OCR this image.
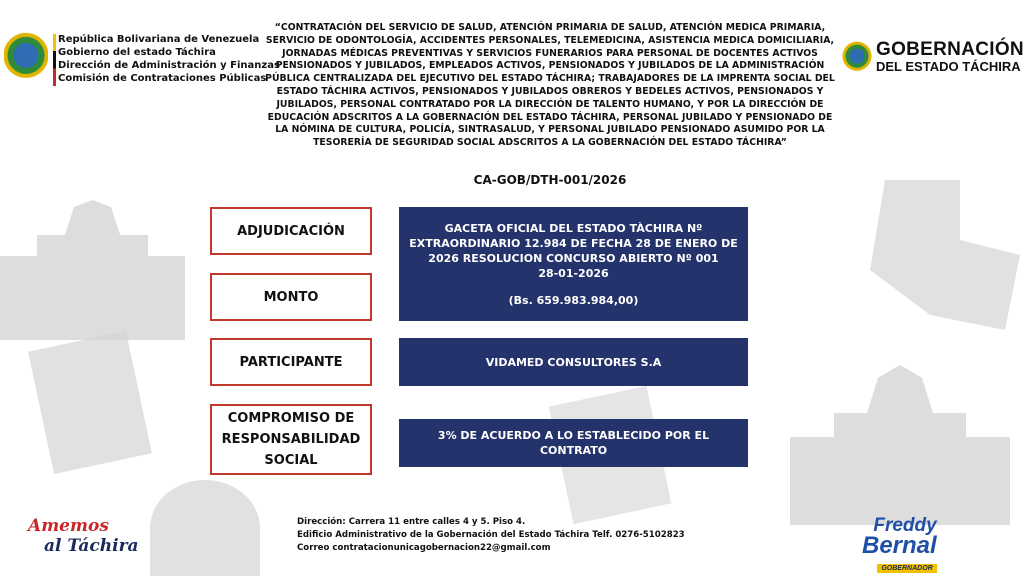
República Bolivariana de Venezuela
Gobierno del estado Táchira
Dirección de Administración y Finanzas
Comisión de Contrataciones Públicas
“CONTRATACIÓN DEL SERVICIO DE SALUD, ATENCIÓN PRIMARIA DE SALUD, ATENCIÓN MEDICA PRIMARIA, SERVICIO DE ODONTOLOGÍA, ACCIDENTES PERSONALES, TELEMEDICINA, ASISTENCIA MEDICA DOMICILIARIA, JORNADAS MÉDICAS PREVENTIVAS Y SERVICIOS FUNERARIOS PARA PERSONAL DE DOCENTES ACTIVOS PENSIONADOS Y JUBILADOS, EMPLEADOS ACTIVOS, PENSIONADOS Y JUBILADOS DE LA ADMINISTRACIÓN PÚBLICA CENTRALIZADA DEL EJECUTIVO DEL ESTADO TÁCHIRA; TRABAJADORES DE LA IMPRENTA SOCIAL DEL ESTADO TÁCHIRA ACTIVOS, PENSIONADOS Y JUBILADOS OBREROS Y BEDELES ACTIVOS, PENSIONADOS Y JUBILADOS, PERSONAL CONTRATADO POR LA DIRECCIÓN DE TALENTO HUMANO, Y POR LA DIRECCIÓN DE EDUCACIÓN ADSCRITOS A LA GOBERNACIÓN DEL ESTADO TÁCHIRA, PERSONAL JUBILADO Y PENSIONADO DE LA NÓMINA DE CULTURA, POLICÍA, SINTRASALUD, Y PERSONAL JUBILADO PENSIONADO ASUMIDO POR LA TESORERÍA DE SEGURIDAD SOCIAL ADSCRITOS A LA GOBERNACIÓN DEL ESTADO TÁCHIRA”
CA-GOB/DTH-001/2026
GOBERNACIÓN
DEL ESTADO TÁCHIRA
ADJUDICACIÓN
MONTO
PARTICIPANTE
COMPROMISO DE
RESPONSABILIDAD
SOCIAL
GACETA OFICIAL DEL ESTADO TÀCHIRA Nº
EXTRAORDINARIO 12.984 DE FECHA 28 DE ENERO DE
2026 RESOLUCION CONCURSO ABIERTO Nº 001
28-01-2026
(Bs. 659.983.984,00)
VIDAMED CONSULTORES S.A
3% DE ACUERDO A LO ESTABLECIDO POR EL
CONTRATO
Dirección: Carrera 11 entre calles 4 y 5. Piso 4.
Edificio Administrativo de la Gobernación del Estado Táchira Telf. 0276-5102823
Correo contratacionunicagobernacion22@gmail.com
Amemos
al Táchira
Freddy
Bernal
GOBERNADOR
